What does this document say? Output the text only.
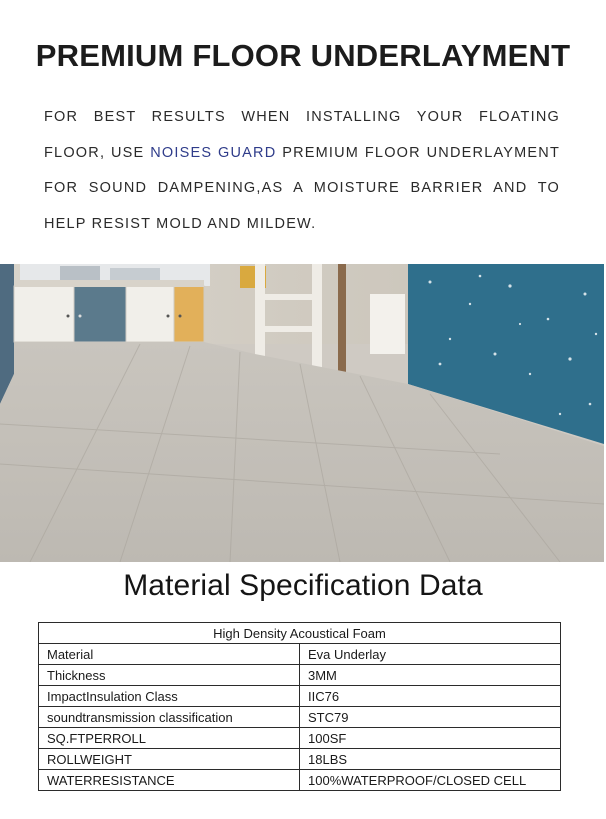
PREMIUM FLOOR UNDERLAYMENT
FOR BEST RESULTS WHEN INSTALLING YOUR FLOATING FLOOR, USE NOISES GUARD PREMIUM FLOOR UNDERLAYMENT FOR SOUND DAMPENING,AS A MOISTURE BARRIER AND TO HELP RESIST MOLD AND MILDEW.
Material Specification Data
High Density Acoustical Foam	
Material	Eva Underlay
Thickness	3MM
ImpactInsulation Class	IIC76
soundtransmission classification	STC79
SQ.FTPERROLL	100SF
ROLLWEIGHT	18LBS
WATERRESISTANCE	100%WATERPROOF/CLOSED CELL
